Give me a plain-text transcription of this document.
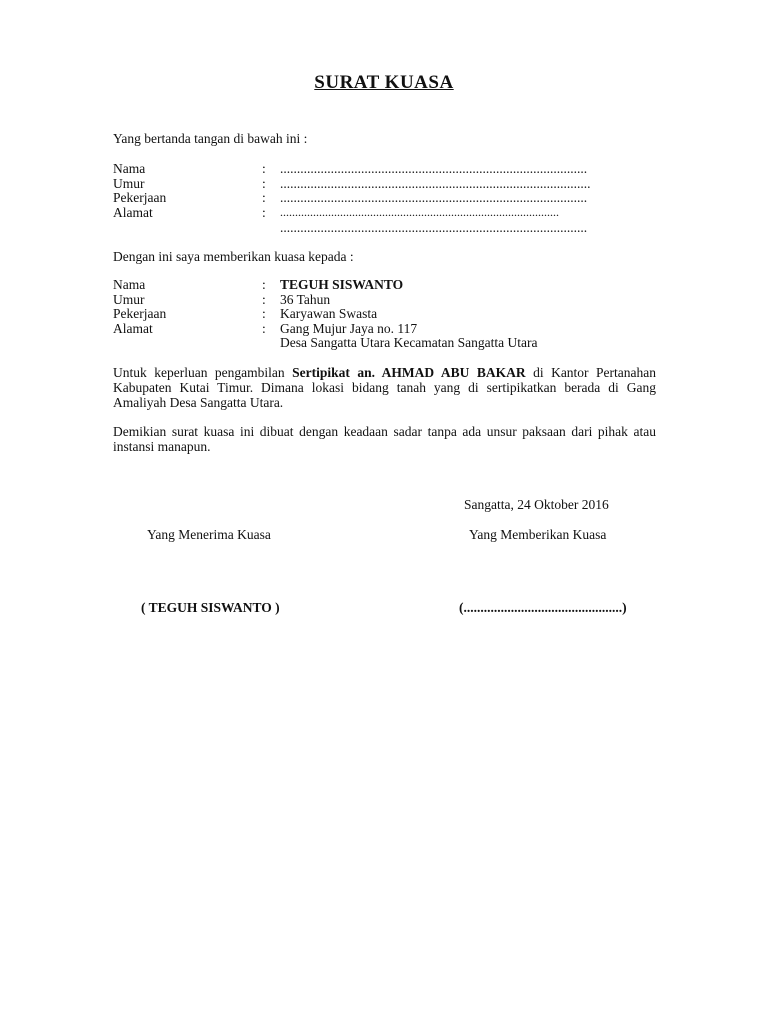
SURAT KUASA
Yang bertanda tangan di bawah ini :
Nama	: ...........................................................................................
Umur	: ............................................................................................
Pekerjaan	: ...........................................................................................
Alamat	: .............................................................................................
...........................................................................................
Dengan ini saya memberikan kuasa kepada :
Nama	: TEGUH SISWANTO
Umur	: 36 Tahun
Pekerjaan	: Karyawan Swasta
Alamat	: Gang Mujur Jaya no. 117
Desa Sangatta Utara Kecamatan Sangatta Utara
Untuk keperluan pengambilan Sertipikat an. AHMAD ABU BAKAR di Kantor Pertanahan Kabupaten Kutai Timur. Dimana lokasi bidang tanah yang di sertipikatkan berada di Gang Amaliyah Desa Sangatta Utara.
Demikian surat kuasa ini dibuat dengan keadaan sadar tanpa ada unsur paksaan dari pihak atau instansi manapun.
Sangatta, 24 Oktober 2016
Yang Menerima Kuasa	Yang Memberikan Kuasa
( TEGUH SISWANTO )	(...............................................)
